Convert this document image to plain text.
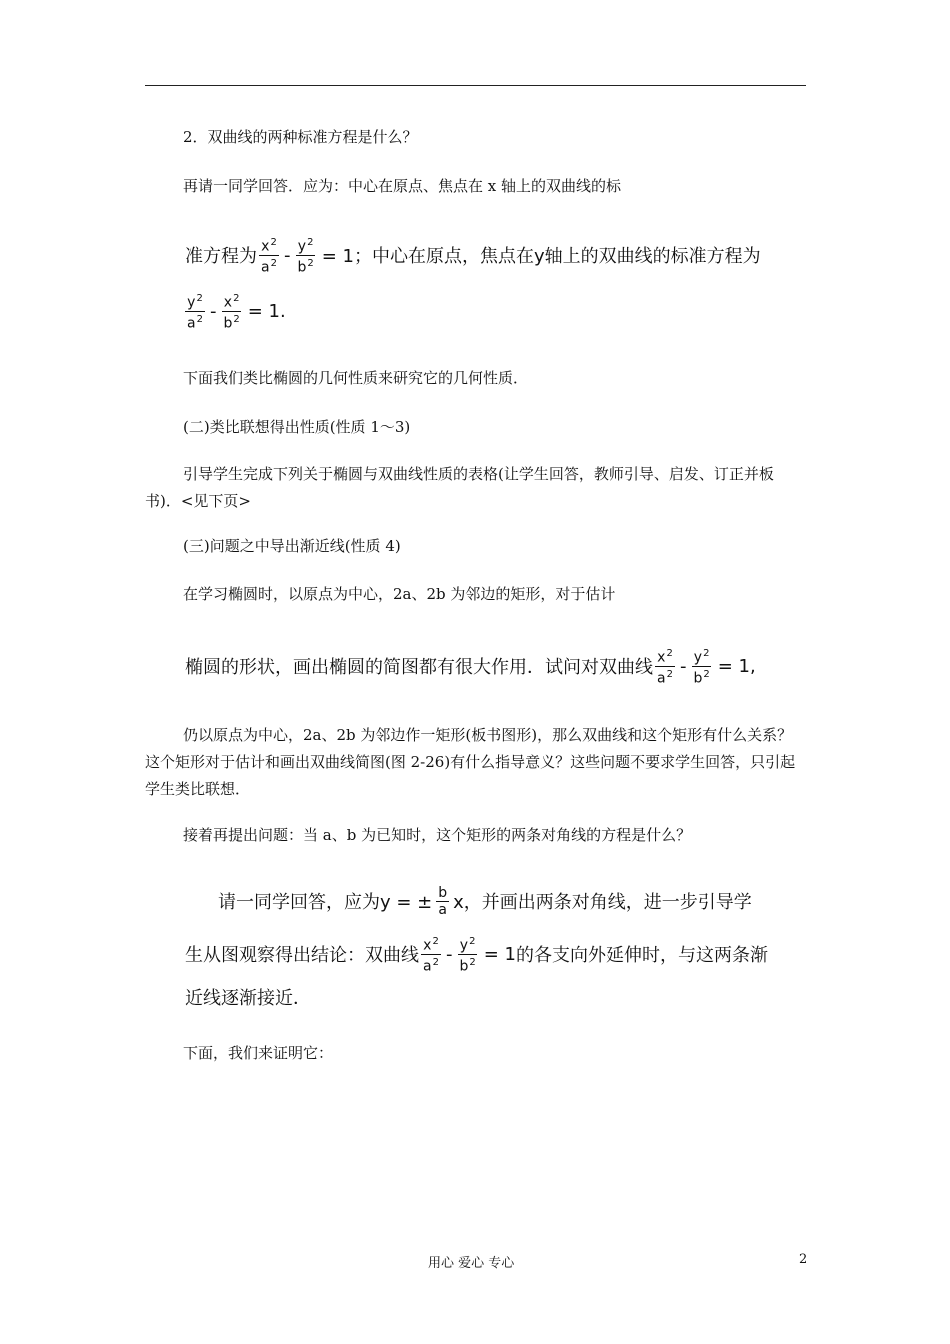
2．双曲线的两种标准方程是什么？
再请一同学回答．应为：中心在原点、焦点在 x 轴上的双曲线的标
准方程为 $\frac{x^2}{a^2} - \frac{y^2}{b^2} = 1$； 中心在原点，焦点在y轴上的双曲线的标准方程为
$\frac{y^2}{a^2} - \frac{x^2}{b^2} = 1$.
下面我们类比椭圆的几何性质来研究它的几何性质．
(二)类比联想得出性质(性质 1～3)
引导学生完成下列关于椭圆与双曲线性质的表格(让学生回答，教师引导、启发、订正并板书)．<见下页>
(三)问题之中导出渐近线(性质 4)
在学习椭圆时，以原点为中心，2a、2b 为邻边的矩形，对于估计
椭圆的形状，画出椭圆的简图都有很大作用．试问对双曲线 $\frac{x^2}{a^2} - \frac{y^2}{b^2} = 1$,
仍以原点为中心，2a、2b 为邻边作一矩形(板书图形)，那么双曲线和这个矩形有什么关系？这个矩形对于估计和画出双曲线简图(图 2-26)有什么指导意义？这些问题不要求学生回答，只引起学生类比联想．
接着再提出问题：当 a、b 为已知时，这个矩形的两条对角线的方程是什么？
请一同学回答，应为y = ± $\frac{b}{a}$ x，并画出两条对角线，进一步引导学
生从图观察得出结论：双曲线 $\frac{x^2}{a^2} - \frac{y^2}{b^2} = 1$ 的各支向外延伸时，与这两条渐
近线逐渐接近．
下面，我们来证明它：
用心 爱心 专心	2
